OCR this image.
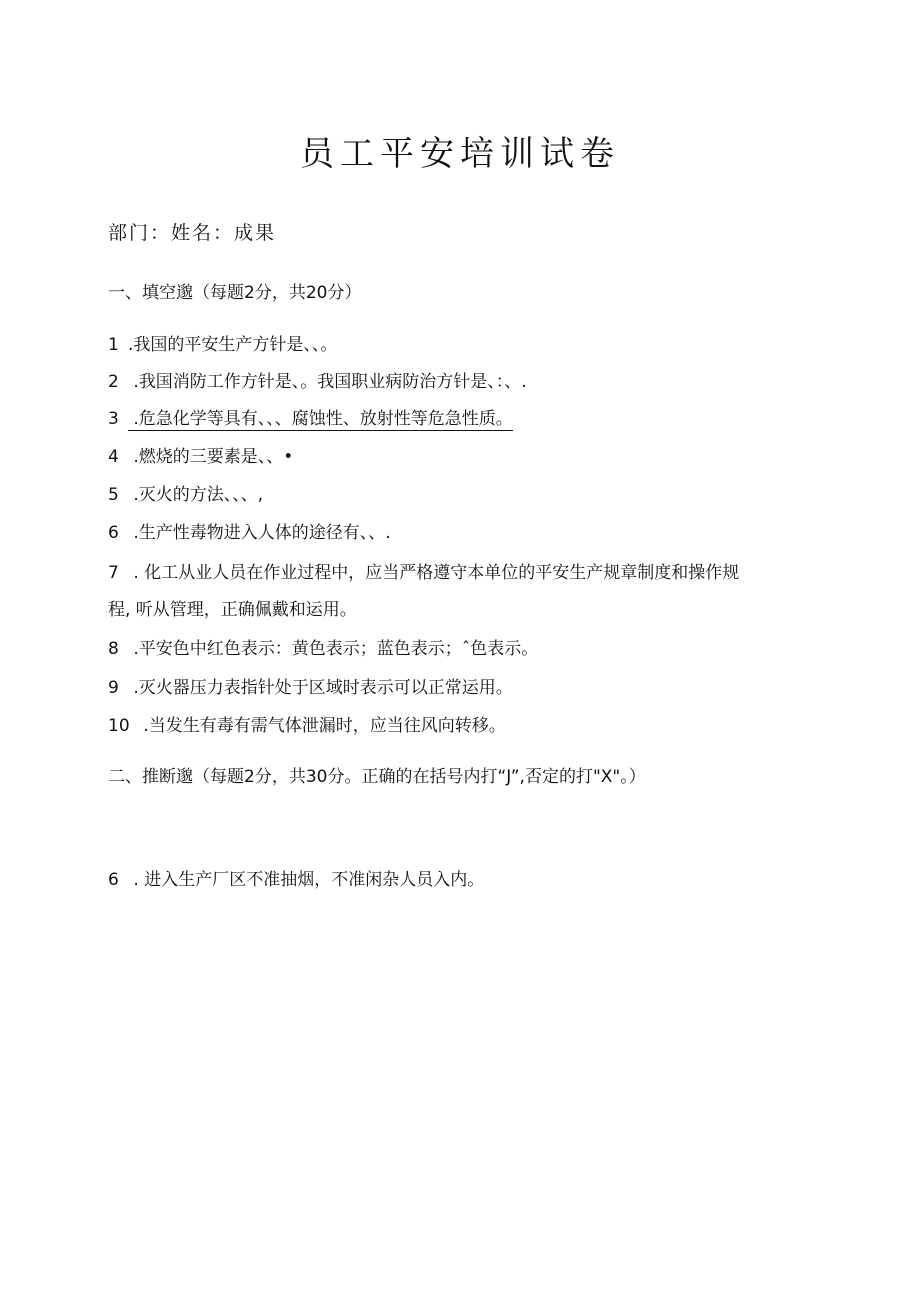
员工平安培训试卷
部门：姓名：成果
一、填空邈（每题2分，共20分）
1 .我国的平安生产方针是、、。
2 .我国消防工作方针是、。我国职业病防治方针是、：、.
3 .危急化学等具有、、、腐蚀性、放射性等危急性质。
4 .燃烧的三要素是、、•
5 .灭火的方法、、、,
6 .生产性毒物进入人体的途径有、、.
7 . 化工从业人员在作业过程中，应当严格遵守本单位的平安生产规章制度和操作规
程, 听从管理，正确佩戴和运用。
8 .平安色中红色表示：黄色表示；蓝色表示；ˆ色表示。
9 .灭火器压力表指针处于区域时表示可以正常运用。
10 .当发生有毒有需气体泄漏时，应当往风向转移。
二、推断邈（每题2分，共30分。正确的在括号内打“J”,否定的打"X"。）
6 . 进入生产厂区不准抽烟，不准闲杂人员入内。
